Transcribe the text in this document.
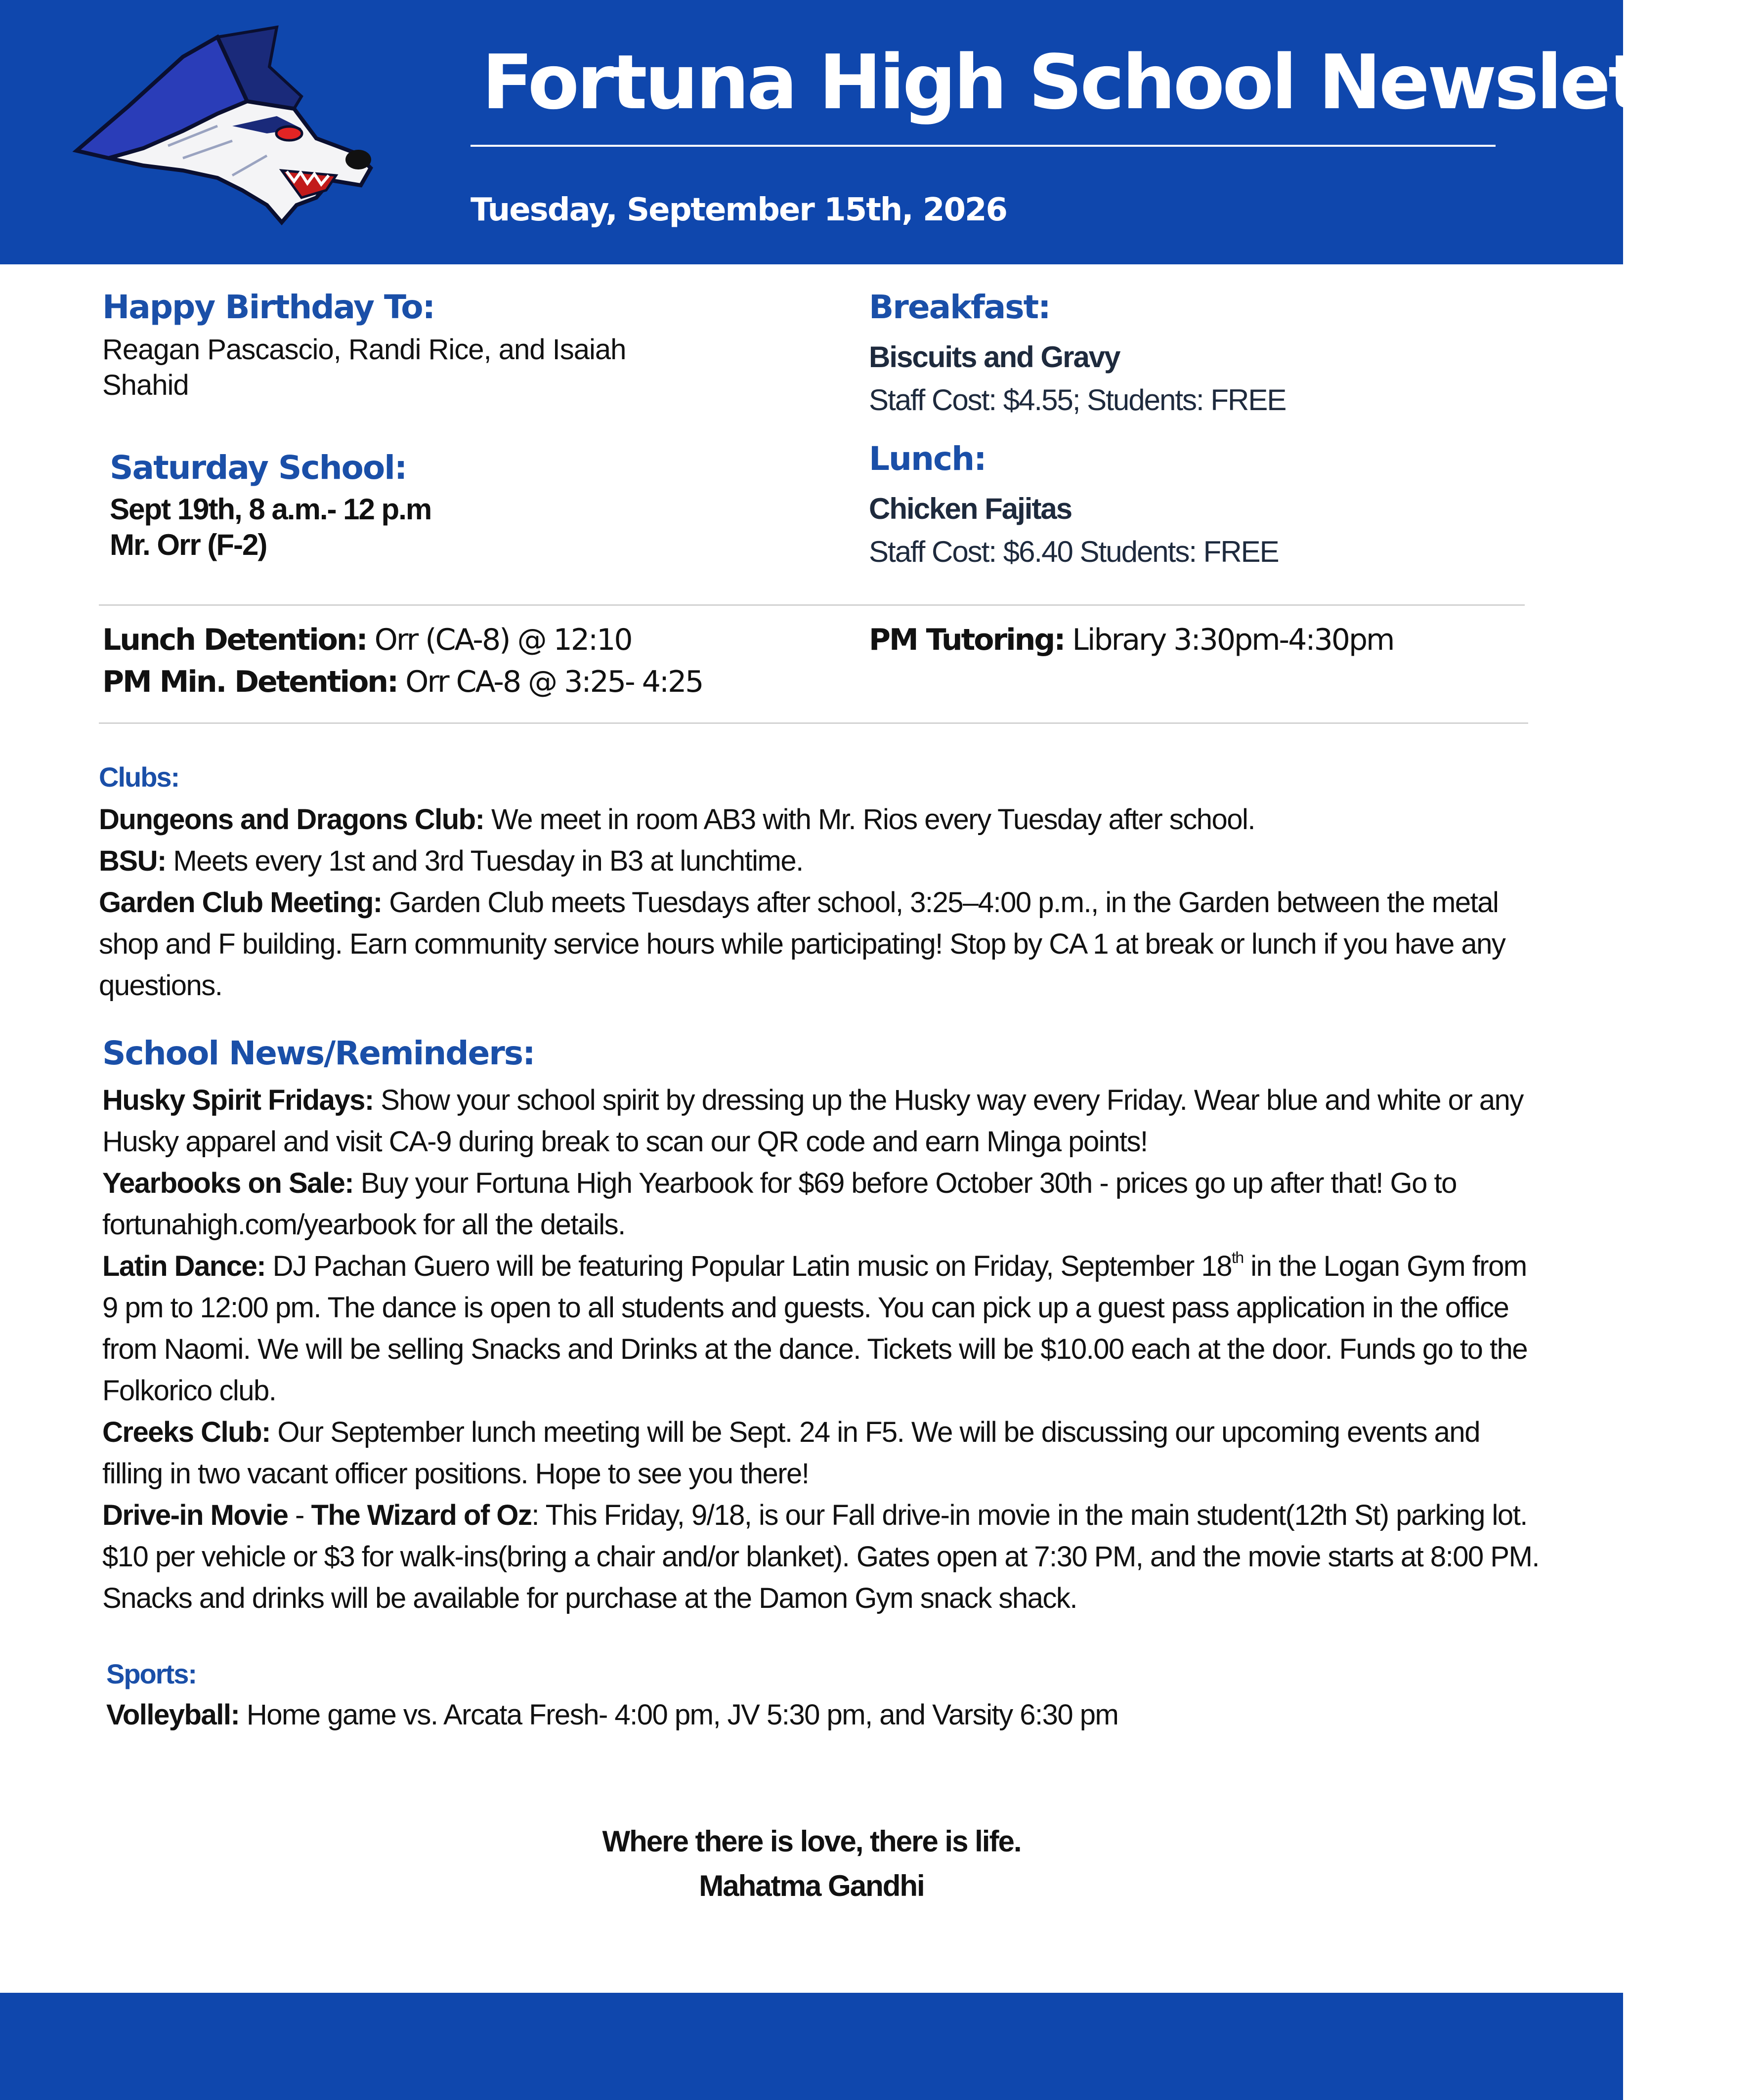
Fortuna High School Newsletter
Tuesday, September 15th, 2026
Happy Birthday To:
Reagan Pascascio, Randi Rice, and Isaiah
Shahid
Saturday School:
Sept 19th, 8 a.m.- 12 p.m
Mr. Orr (F-2)
Breakfast:
Biscuits and Gravy
Staff Cost: $4.55; Students: FREE
Lunch:
Chicken Fajitas
Staff Cost: $6.40 Students: FREE
Lunch Detention: Orr (CA-8) @ 12:10
PM Min. Detention: Orr CA-8 @ 3:25- 4:25
PM Tutoring: Library 3:30pm-4:30pm
Clubs:

Dungeons and Dragons Club: We meet in room AB3 with Mr. Rios every Tuesday after school.

BSU: Meets every 1st and 3rd Tuesday in B3 at lunchtime.

Garden Club Meeting: Garden Club meets Tuesdays after school, 3:25–4:00 p.m., in the Garden between the metal shop and F building. Earn community service hours while participating! Stop by CA 1 at break or lunch if you have any questions.

School News/Reminders:

Husky Spirit Fridays: Show your school spirit by dressing up the Husky way every Friday. Wear blue and white or any Husky apparel and visit CA-9 during break to scan our QR code and earn Minga points!

Yearbooks on Sale: Buy your Fortuna High Yearbook for $69 before October 30th - prices go up after that! Go to fortunahigh.com/yearbook for all the details.

Latin Dance: DJ Pachan Guero will be featuring Popular Latin music on Friday, September 18th in the Logan Gym from 9 pm to 12:00 pm. The dance is open to all students and guests. You can pick up a guest pass application in the office from Naomi. We will be selling Snacks and Drinks at the dance. Tickets will be $10.00 each at the door. Funds go to the Folkorico club.

Creeks Club: Our September lunch meeting will be Sept. 24 in F5. We will be discussing our upcoming events and filling in two vacant officer positions. Hope to see you there!

Drive-in Movie - The Wizard of Oz: This Friday, 9/18, is our Fall drive-in movie in the main student(12th St) parking lot. $10 per vehicle or $3 for walk-ins(bring a chair and/or blanket). Gates open at 7:30 PM, and the movie starts at 8:00 PM. Snacks and drinks will be available for purchase at the Damon Gym snack shack.

Sports:
Volleyball: Home game vs. Arcata Fresh- 4:00 pm, JV 5:30 pm, and Varsity 6:30 pm
Where there is love, there is life.
Mahatma Gandhi
